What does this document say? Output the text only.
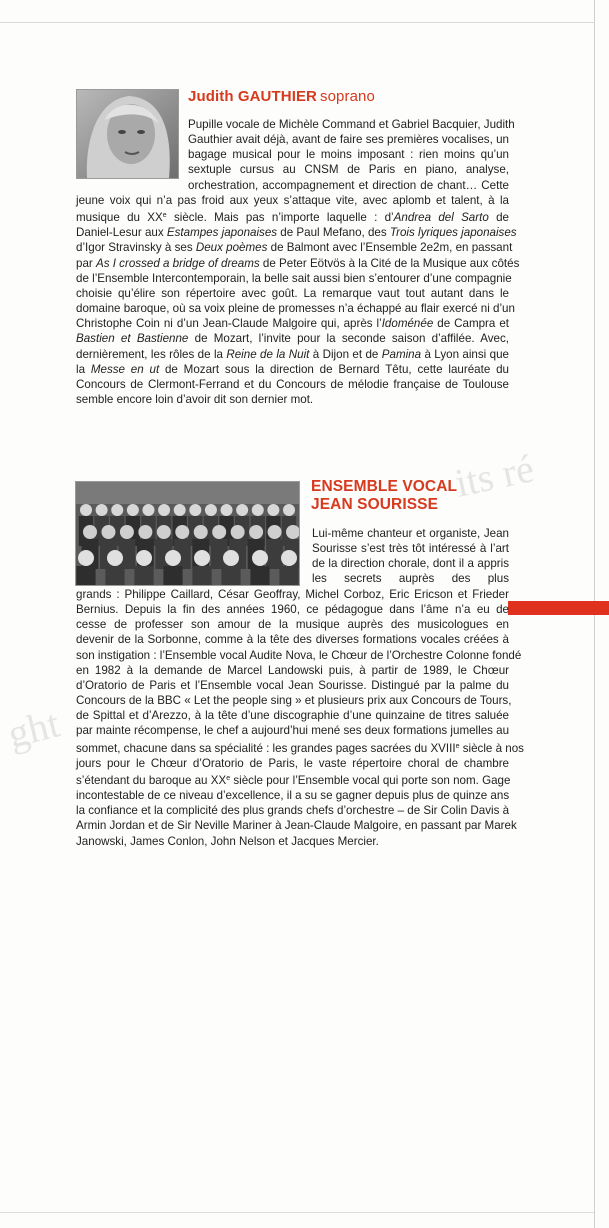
its ré
ght
Judith GAUTHIER soprano
Pupille vocale de Michèle Command et Gabriel Bacquier, Judith
Gauthier avait déjà, avant de faire ses premières vocalises, un
bagage musical pour le moins imposant : rien moins qu’un
sextuple cursus au CNSM de Paris en piano, analyse,
orchestration, accompagnement et direction de chant… Cette
jeune voix qui n’a pas froid aux yeux s’attaque vite, avec aplomb et talent, à la
musique du XXe siècle. Mais pas n’importe laquelle : d’Andrea del Sarto de
Daniel-Lesur aux Estampes japonaises de Paul Mefano, des Trois lyriques japonaises
d’Igor Stravinsky à ses Deux poèmes de Balmont avec l’Ensemble 2e2m, en passant
par As I crossed a bridge of dreams de Peter Eötvös à la Cité de la Musique aux côtés
de l’Ensemble Intercontemporain, la belle sait aussi bien s’entourer d’une compagnie
choisie qu’élire son répertoire avec goût. La remarque vaut tout autant dans le
domaine baroque, où sa voix pleine de promesses n’a échappé au flair exercé ni d’un
Christophe Coin ni d’un Jean-Claude Malgoire qui, après l’Idoménée de Campra et
Bastien et Bastienne de Mozart, l’invite pour la seconde saison d’affilée. Avec,
dernièrement, les rôles de la Reine de la Nuit à Dijon et de Pamina à Lyon ainsi que
la Messe en ut de Mozart sous la direction de Bernard Têtu, cette lauréate du
Concours de Clermont-Ferrand et du Concours de mélodie française de Toulouse
semble encore loin d’avoir dit son dernier mot.
ENSEMBLE VOCAL
JEAN SOURISSE
Lui-même chanteur et organiste, Jean
Sourisse s’est très tôt intéressé à l’art
de la direction chorale, dont il a appris
les secrets auprès des plus
grands : Philippe Caillard, César Geoffray, Michel Corboz, Eric Ericson et Frieder
Bernius. Depuis la fin des années 1960, ce pédagogue dans l’âme n’a eu de
cesse de professer son amour de la musique auprès des musicologues en
devenir de la Sorbonne, comme à la tête des diverses formations vocales créées à
son instigation : l’Ensemble vocal Audite Nova, le Chœur de l’Orchestre Colonne fondé
en 1982 à la demande de Marcel Landowski puis, à partir de 1989, le Chœur
d’Oratorio de Paris et l’Ensemble vocal Jean Sourisse. Distingué par la palme du
Concours de la BBC « Let the people sing » et plusieurs prix aux Concours de Tours,
de Spittal et d’Arezzo, à la tête d’une discographie d’une quinzaine de titres saluée
par mainte récompense, le chef a aujourd’hui mené ses deux formations jumelles au
sommet, chacune dans sa spécialité : les grandes pages sacrées du XVIIIe siècle à nos
jours pour le Chœur d’Oratorio de Paris, le vaste répertoire choral de chambre
s’étendant du baroque au XXe siècle pour l’Ensemble vocal qui porte son nom. Gage
incontestable de ce niveau d’excellence, il a su se gagner depuis plus de quinze ans
la confiance et la complicité des plus grands chefs d’orchestre – de Sir Colin Davis à
Armin Jordan et de Sir Neville Mariner à Jean-Claude Malgoire, en passant par Marek
Janowski, James Conlon, John Nelson et Jacques Mercier.
